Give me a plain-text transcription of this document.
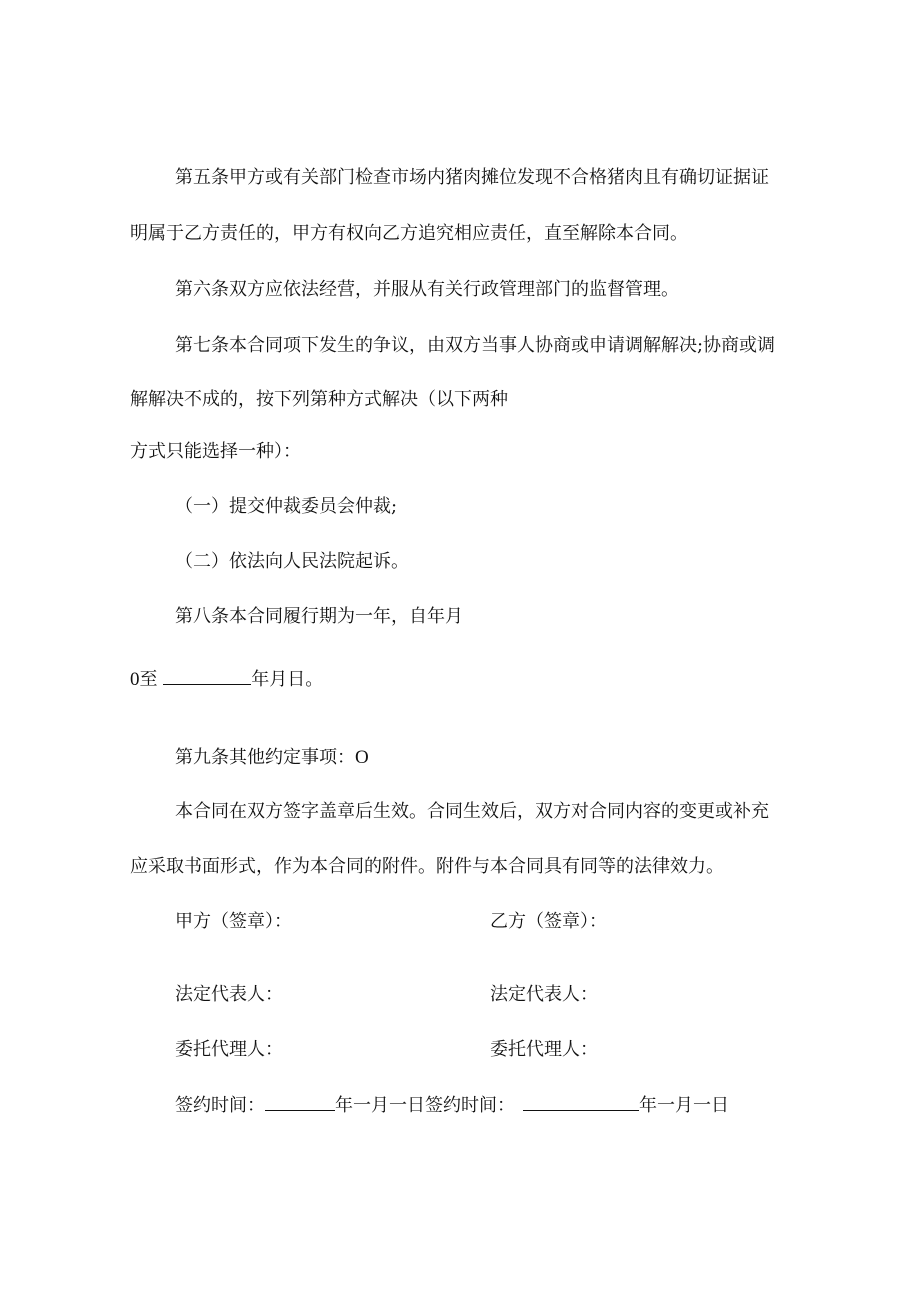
第五条甲方或有关部门检查市场内猪肉摊位发现不合格猪肉且有确切证据证

明属于乙方责任的，甲方有权向乙方追究相应责任，直至解除本合同。

第六条双方应依法经营，并服从有关行政管理部门的监督管理。

第七条本合同项下发生的争议，由双方当事人协商或申请调解解决;协商或调

解解决不成的，按下列第种方式解决（以下两种

方式只能选择一种）：

（一）提交仲裁委员会仲裁;

（二）依法向人民法院起诉。

第八条本合同履行期为一年，自年月

0至	年月日。

第九条其他约定事项：O

本合同在双方签字盖章后生效。合同生效后，双方对合同内容的变更或补充

应采取书面形式，作为本合同的附件。附件与本合同具有同等的法律效力。

甲方（签章）：	乙方（签章）：

法定代表人：	法定代表人：

委托代理人：	委托代理人：

签约时间：	年一月一日签约时间：	年一月一日
